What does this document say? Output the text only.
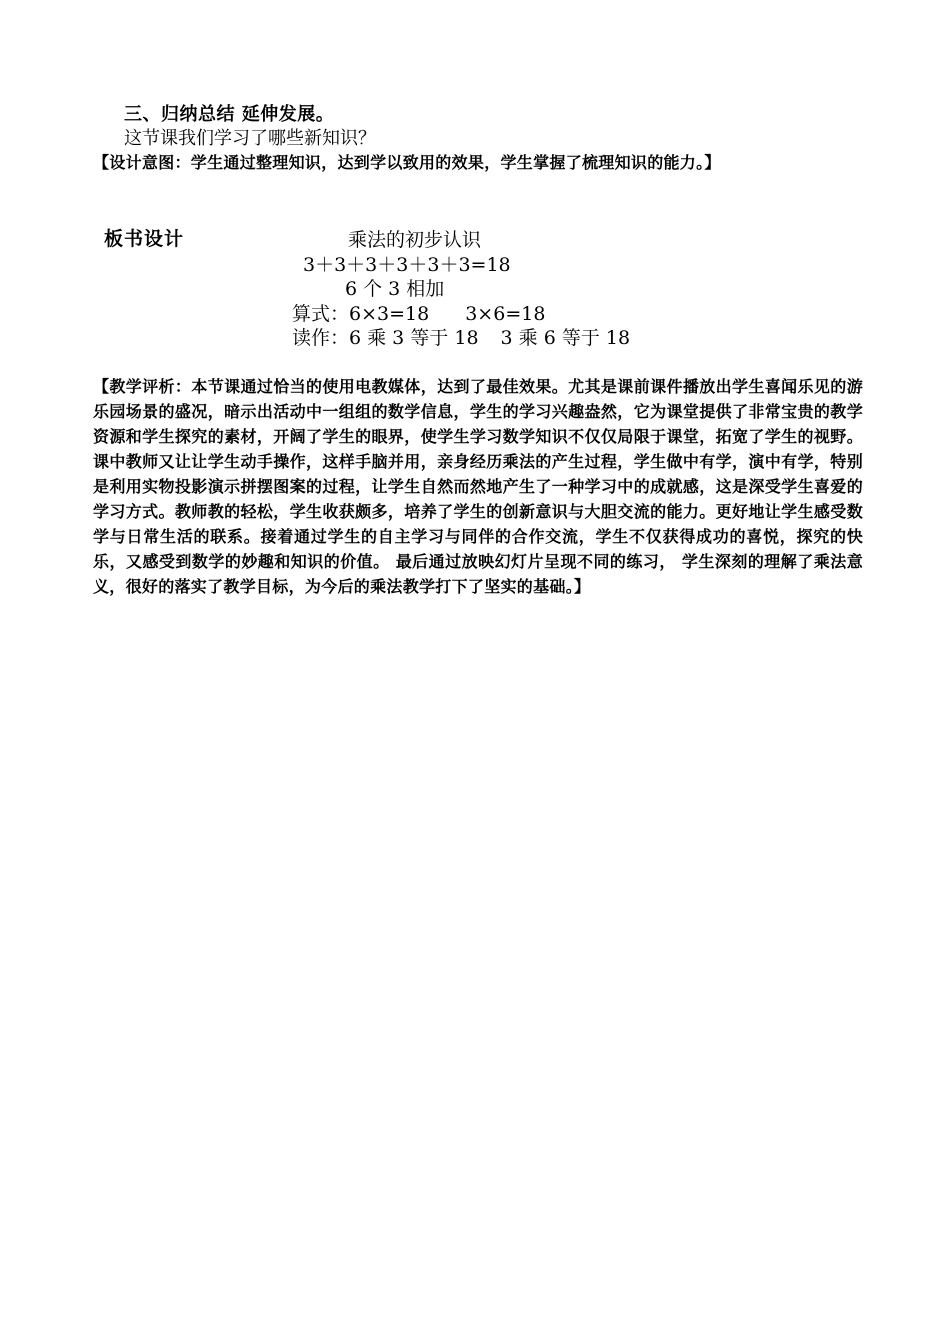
三、归纳总结 延伸发展。
这节课我们学习了哪些新知识？
【设计意图：学生通过整理知识，达到学以致用的效果，学生掌握了梳理知识的能力。】
板书设计	乘法的初步认识
3＋3＋3＋3＋3＋3=18
6 个 3 相加
算式：6×3=18 3×6=18
读作：6 乘 3 等于 18 3 乘 6 等于 18
【教学评析：本节课通过恰当的使用电教媒体，达到了最佳效果。尤其是课前课件播放出学生喜闻乐见的游乐园场景的盛况，暗示出活动中一组组的数学信息，学生的学习兴趣盎然，它为课堂提供了非常宝贵的教学资源和学生探究的素材，开阔了学生的眼界，使学生学习数学知识不仅仅局限于课堂，拓宽了学生的视野。课中教师又让让学生动手操作，这样手脑并用，亲身经历乘法的产生过程，学生做中有学，演中有学，特别是利用实物投影演示拼摆图案的过程，让学生自然而然地产生了一种学习中的成就感，这是深受学生喜爱的学习方式。教师教的轻松，学生收获颇多，培养了学生的创新意识与大胆交流的能力。更好地让学生感受数学与日常生活的联系。接着通过学生的自主学习与同伴的合作交流，学生不仅获得成功的喜悦，探究的快乐，又感受到数学的妙趣和知识的价值。 最后通过放映幻灯片呈现不同的练习， 学生深刻的理解了乘法意义，很好的落实了教学目标，为今后的乘法教学打下了坚实的基础。】
